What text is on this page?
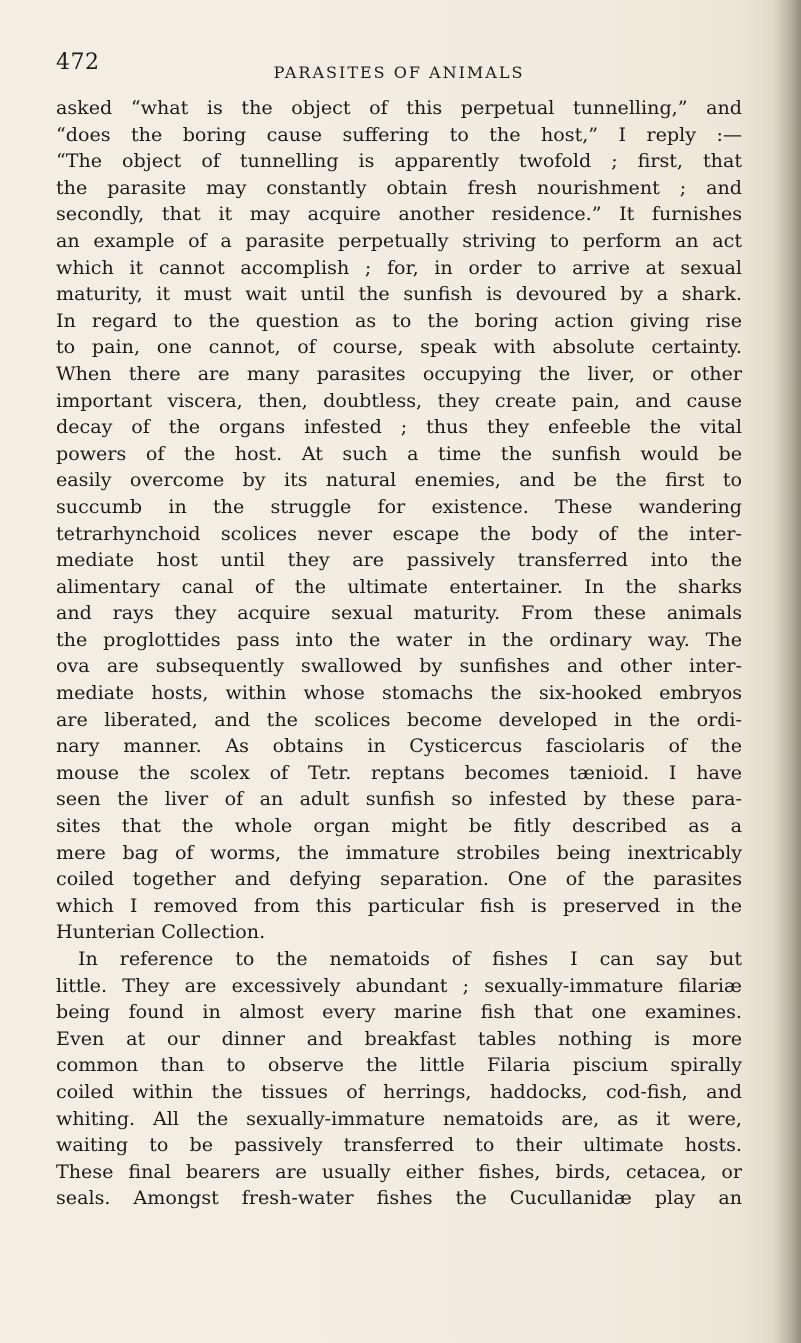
472	PARASITES OF ANIMALS
asked “what is the object of this perpetual tunnelling,” and
“does the boring cause suffering to the host,” I reply :—
“The object of tunnelling is apparently twofold ; first, that
the parasite may constantly obtain fresh nourishment ; and
secondly, that it may acquire another residence.” It furnishes
an example of a parasite perpetually striving to perform an act
which it cannot accomplish ; for, in order to arrive at sexual
maturity, it must wait until the sunfish is devoured by a shark.
In regard to the question as to the boring action giving rise
to pain, one cannot, of course, speak with absolute certainty.
When there are many parasites occupying the liver, or other
important viscera, then, doubtless, they create pain, and cause
decay of the organs infested ; thus they enfeeble the vital
powers of the host. At such a time the sunfish would be
easily overcome by its natural enemies, and be the first to
succumb in the struggle for existence. These wandering
tetrarhynchoid scolices never escape the body of the inter-
mediate host until they are passively transferred into the
alimentary canal of the ultimate entertainer. In the sharks
and rays they acquire sexual maturity. From these animals
the proglottides pass into the water in the ordinary way. The
ova are subsequently swallowed by sunfishes and other inter-
mediate hosts, within whose stomachs the six-hooked embryos
are liberated, and the scolices become developed in the ordi-
nary manner. As obtains in Cysticercus fasciolaris of the
mouse the scolex of Tetr. reptans becomes tænioid. I have
seen the liver of an adult sunfish so infested by these para-
sites that the whole organ might be fitly described as a
mere bag of worms, the immature strobiles being inextricably
coiled together and defying separation. One of the parasites
which I removed from this particular fish is preserved in the
Hunterian Collection.
In reference to the nematoids of fishes I can say but
little. They are excessively abundant ; sexually-immature filariæ
being found in almost every marine fish that one examines.
Even at our dinner and breakfast tables nothing is more
common than to observe the little Filaria piscium spirally
coiled within the tissues of herrings, haddocks, cod-fish, and
whiting. All the sexually-immature nematoids are, as it were,
waiting to be passively transferred to their ultimate hosts.
These final bearers are usually either fishes, birds, cetacea, or
seals. Amongst fresh-water fishes the Cucullanidæ play an
